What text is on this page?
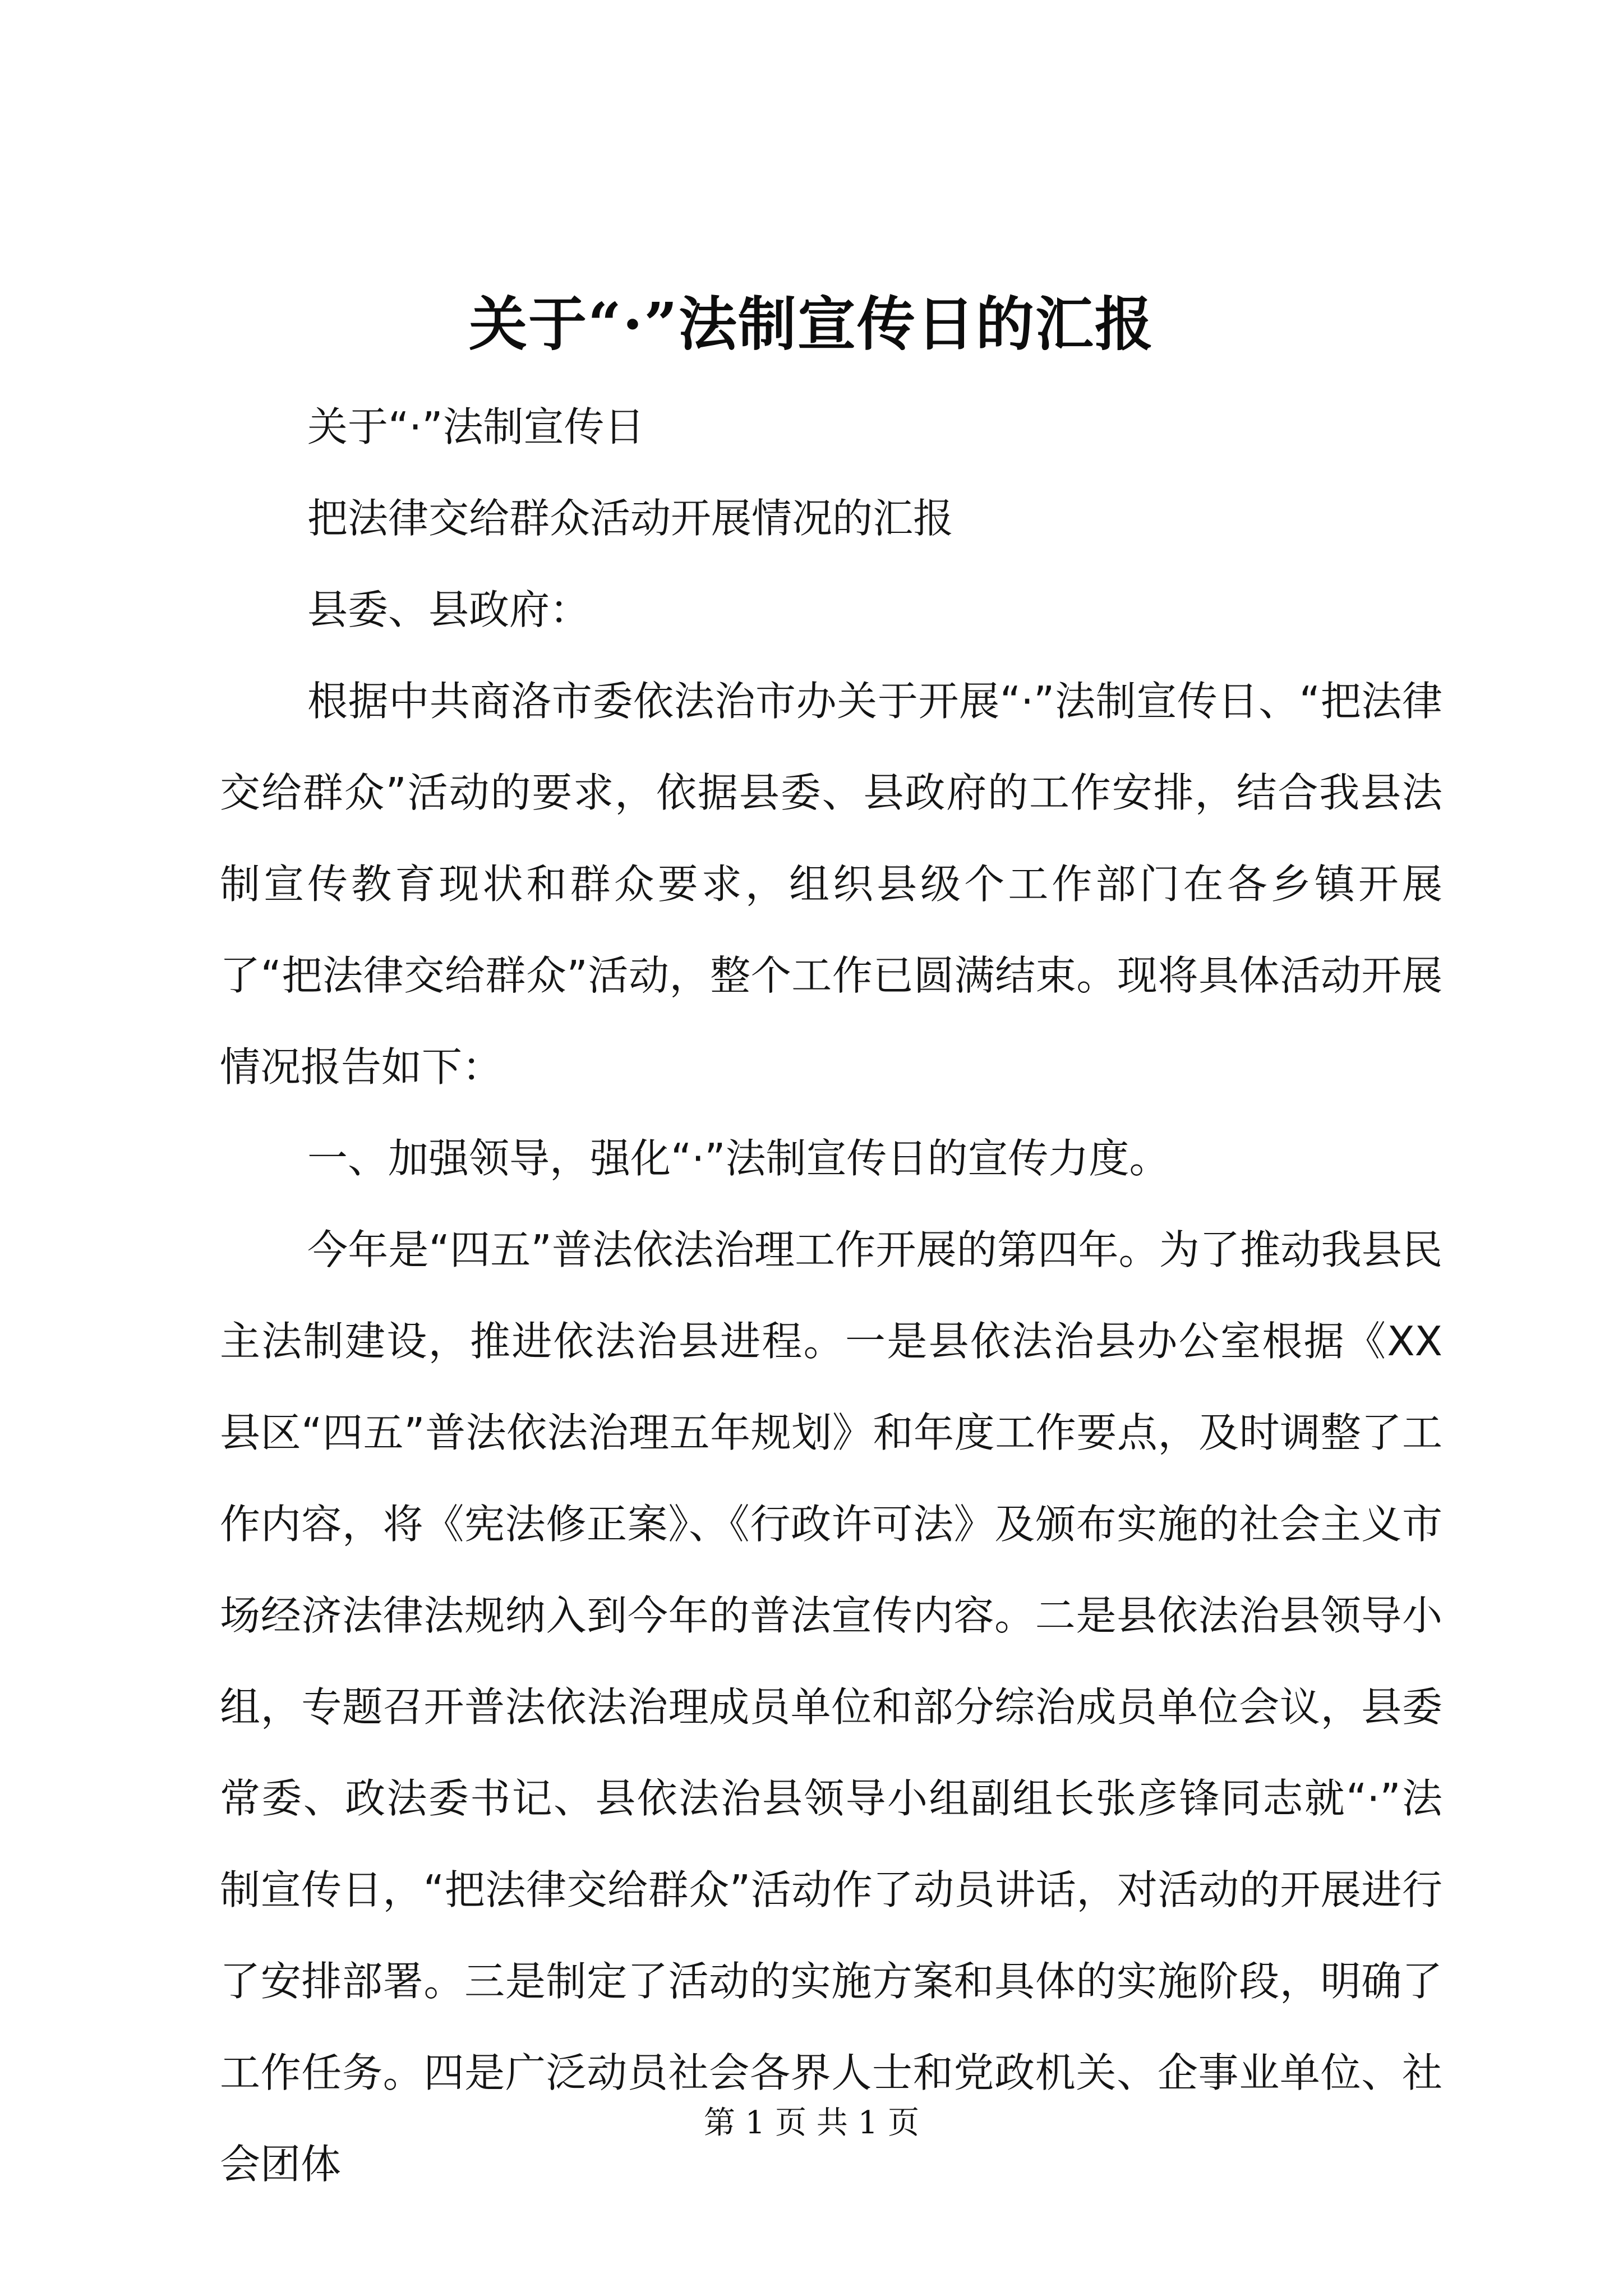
关于“·”法制宣传日的汇报

关于“·”法制宣传日

把法律交给群众活动开展情况的汇报

县委、县政府：

根据中共商洛市委依法治市办关于开展“·”法制宣传日、“把法律交给群众”活动的要求，依据县委、县政府的工作安排，结合我县法制宣传教育现状和群众要求，组织县级个工作部门在各乡镇开展了“把法律交给群众”活动，整个工作已圆满结束。现将具体活动开展情况报告如下：

一、加强领导，强化“·”法制宣传日的宣传力度。

今年是“四五”普法依法治理工作开展的第四年。为了推动我县民主法制建设，推进依法治县进程。一是县依法治县办公室根据《XX县区“四五”普法依法治理五年规划》和年度工作要点，及时调整了工作内容，将《宪法修正案》、《行政许可法》及颁布实施的社会主义市场经济法律法规纳入到今年的普法宣传内容。二是县依法治县领导小组，专题召开普法依法治理成员单位和部分综治成员单位会议，县委常委、政法委书记、县依法治县领导小组副组长张彦锋同志就“·”法制宣传日，“把法律交给群众”活动作了动员讲话，对活动的开展进行了安排部署。三是制定了活动的实施方案和具体的实施阶段，明确了工作任务。四是广泛动员社会各界人士和党政机关、企事业单位、社会团体

第 1 页 共 1 页
